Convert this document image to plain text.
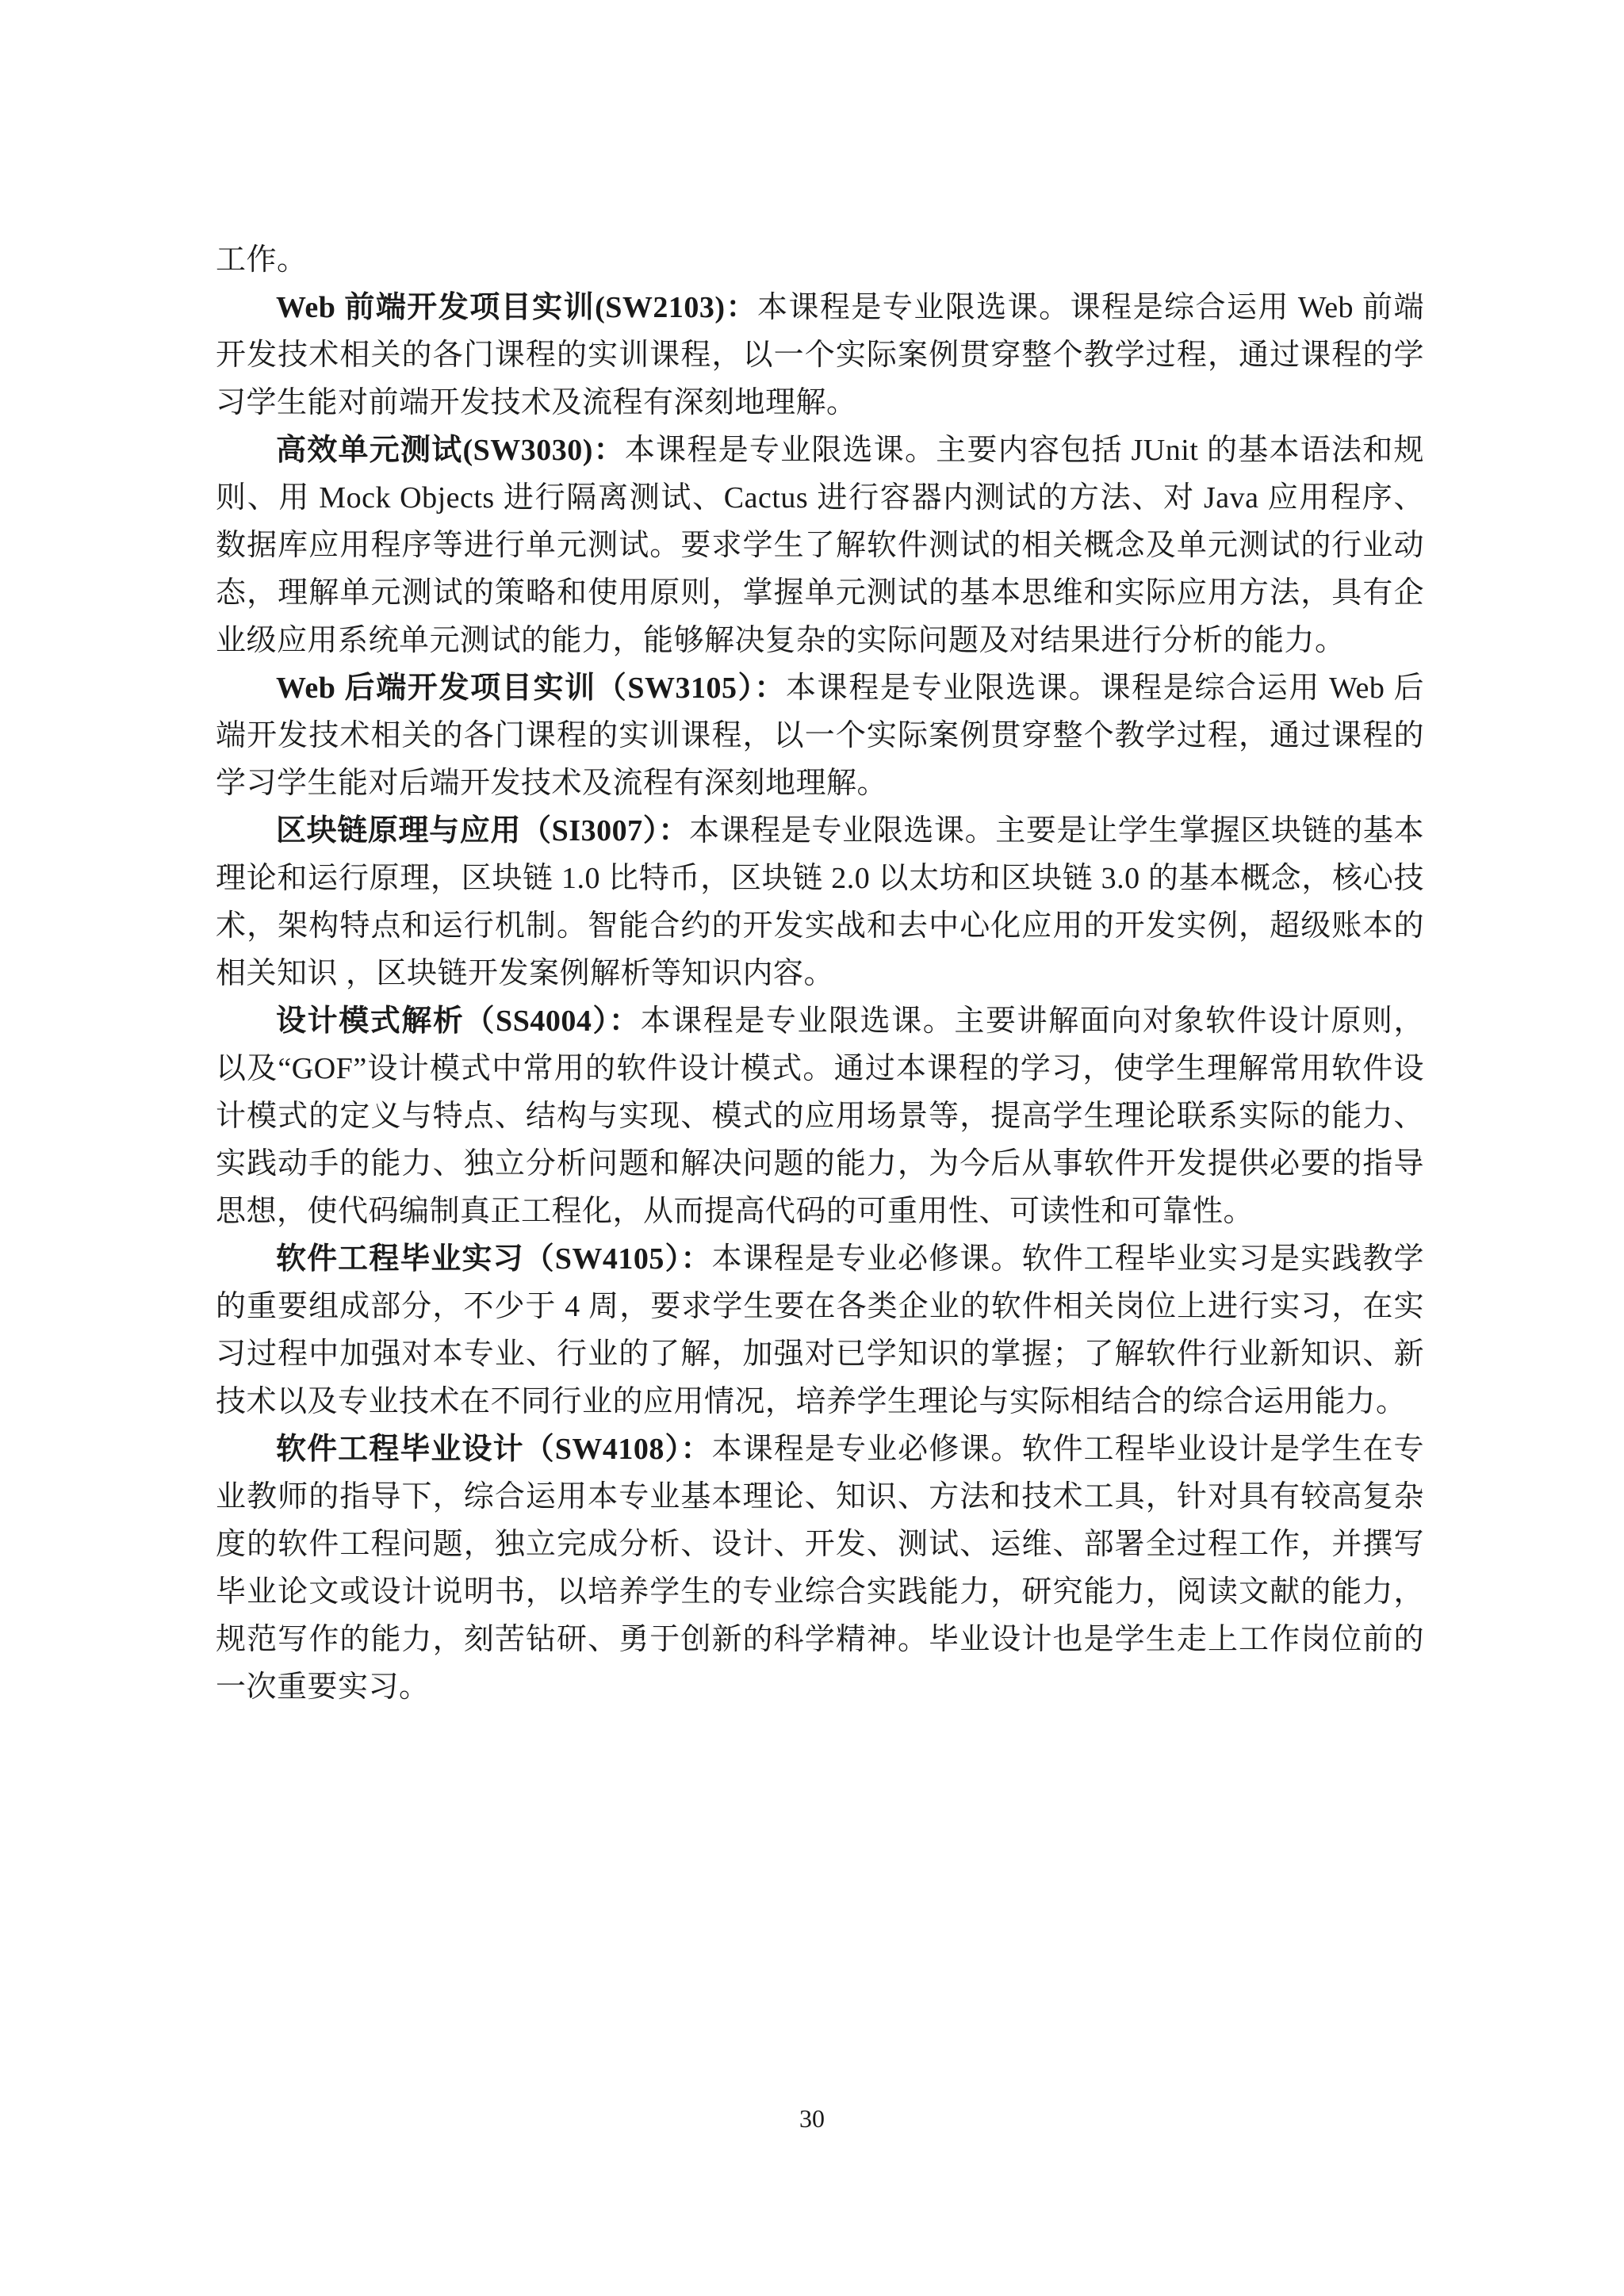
工作。

Web 前端开发项目实训(SW2103)：本课程是专业限选课。课程是综合运用 Web 前端开发技术相关的各门课程的实训课程，以一个实际案例贯穿整个教学过程，通过课程的学习学生能对前端开发技术及流程有深刻地理解。

高效单元测试(SW3030)：本课程是专业限选课。主要内容包括 JUnit 的基本语法和规则、用 Mock Objects 进行隔离测试、Cactus 进行容器内测试的方法、对 Java 应用程序、数据库应用程序等进行单元测试。要求学生了解软件测试的相关概念及单元测试的行业动态，理解单元测试的策略和使用原则，掌握单元测试的基本思维和实际应用方法，具有企业级应用系统单元测试的能力，能够解决复杂的实际问题及对结果进行分析的能力。

Web 后端开发项目实训（SW3105）：本课程是专业限选课。课程是综合运用 Web 后端开发技术相关的各门课程的实训课程，以一个实际案例贯穿整个教学过程，通过课程的学习学生能对后端开发技术及流程有深刻地理解。

区块链原理与应用（SI3007）：本课程是专业限选课。主要是让学生掌握区块链的基本理论和运行原理，区块链 1.0 比特币，区块链 2.0 以太坊和区块链 3.0 的基本概念，核心技术，架构特点和运行机制。智能合约的开发实战和去中心化应用的开发实例，超级账本的相关知识 ，区块链开发案例解析等知识内容。

设计模式解析（SS4004）：本课程是专业限选课。主要讲解面向对象软件设计原则，以及“GOF”设计模式中常用的软件设计模式。通过本课程的学习，使学生理解常用软件设计模式的定义与特点、结构与实现、模式的应用场景等，提高学生理论联系实际的能力、实践动手的能力、独立分析问题和解决问题的能力，为今后从事软件开发提供必要的指导思想，使代码编制真正工程化，从而提高代码的可重用性、可读性和可靠性。

软件工程毕业实习（SW4105）：本课程是专业必修课。软件工程毕业实习是实践教学的重要组成部分，不少于 4 周，要求学生要在各类企业的软件相关岗位上进行实习，在实习过程中加强对本专业、行业的了解，加强对已学知识的掌握；了解软件行业新知识、新技术以及专业技术在不同行业的应用情况，培养学生理论与实际相结合的综合运用能力。

软件工程毕业设计（SW4108）：本课程是专业必修课。软件工程毕业设计是学生在专业教师的指导下，综合运用本专业基本理论、知识、方法和技术工具，针对具有较高复杂度的软件工程问题，独立完成分析、设计、开发、测试、运维、部署全过程工作，并撰写毕业论文或设计说明书，以培养学生的专业综合实践能力，研究能力，阅读文献的能力，规范写作的能力，刻苦钻研、勇于创新的科学精神。毕业设计也是学生走上工作岗位前的一次重要实习。

30
